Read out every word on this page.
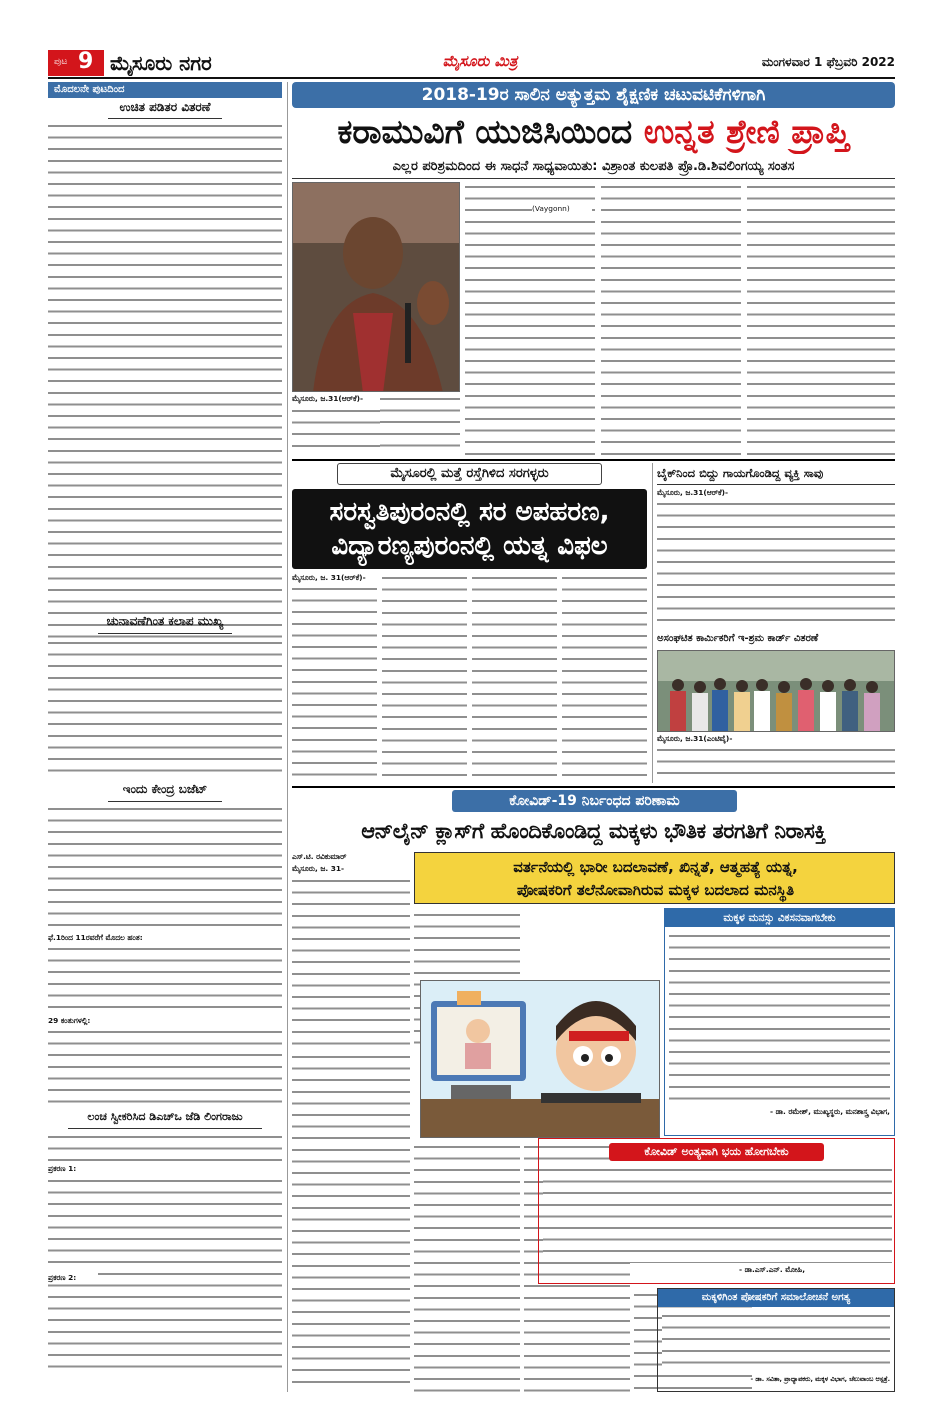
ಪುಟ 9 ಮೈಸೂರು ನಗರ	ಮೈಸೂರು ಮಿತ್ರ	ಮಂಗಳವಾರ 1 ಫೆಬ್ರವರಿ 2022
ಮೊದಲನೇ ಪುಟದಿಂದ
ಉಚಿತ ಪಡಿತರ ವಿತರಣೆ
ಚುನಾವಣೆಗಿಂತ ಕಲಾಪ ಮುಖ್ಯ
ಇಂದು ಕೇಂದ್ರ ಬಜೆಟ್
ಫೆ.1ರಿಂದ 11ರವರೆಗೆ ಮೊದಲ ಹಂತ:
29 ಕಂತುಗಳಲ್ಲಿ:
ಲಂಚ ಸ್ವೀಕರಿಸಿದ ಡಿಎಚ್‌ಒ ಜೆಡಿ ಲಿಂಗರಾಜು
ಪ್ರಕರಣ 1:
ಪ್ರಕರಣ 2:
2018-19ರ ಸಾಲಿನ ಅತ್ಯುತ್ತಮ ಶೈಕ್ಷಣಿಕ ಚಟುವಟಿಕೆಗಳಿಗಾಗಿ
ಕರಾಮುವಿಗೆ ಯುಜಿಸಿಯಿಂದ ಉನ್ನತ ಶ್ರೇಣಿ ಪ್ರಾಪ್ತಿ
ಎಲ್ಲರ ಪರಿಶ್ರಮದಿಂದ ಈ ಸಾಧನೆ ಸಾಧ್ಯವಾಯಿತು: ವಿಶ್ರಾಂತ ಕುಲಪತಿ ಪ್ರೊ.ಡಿ.ಶಿವಲಿಂಗಯ್ಯ ಸಂತಸ
ಮೈಸೂರು, ಜ.31(ಆರ್‌ಕೆ)-
(Vaygonn)
ಮೈಸೂರಲ್ಲಿ ಮತ್ತೆ ರಸ್ತೆಗಿಳಿದ ಸರಗಳ್ಳರು
ಸರಸ್ವತಿಪುರಂನಲ್ಲಿ ಸರ ಅಪಹರಣ,
ವಿದ್ಯಾರಣ್ಯಪುರಂನಲ್ಲಿ ಯತ್ನ ವಿಫಲ
ಮೈಸೂರು, ಜ. 31(ಆರ್‌ಕೆ)-
ಬೈಕ್‌ನಿಂದ ಬಿದ್ದು ಗಾಯಗೊಂಡಿದ್ದ ವ್ಯಕ್ತಿ ಸಾವು
ಮೈಸೂರು, ಜ.31(ಆರ್‌ಕೆ)-
ಅಸಂಘಟಿತ ಕಾರ್ಮಿಕರಿಗೆ ಇ-ಶ್ರಮ ಕಾರ್ಡ್ ವಿತರಣೆ
ಮೈಸೂರು, ಜ.31(ಎಂಟಿವೈ)-
ಕೋವಿಡ್-19 ನಿರ್ಬಂಧದ ಪರಿಣಾಮ
ಆನ್‌ಲೈನ್ ಕ್ಲಾಸ್‌ಗೆ ಹೊಂದಿಕೊಂಡಿದ್ದ ಮಕ್ಕಳು ಭೌತಿಕ ತರಗತಿಗೆ ನಿರಾಸಕ್ತಿ
ಎಸ್.ಟಿ. ರವಿಕುಮಾರ್
ಮೈಸೂರು, ಜ. 31-	ವರ್ತನೆಯಲ್ಲಿ ಭಾರೀ ಬದಲಾವಣೆ, ಖಿನ್ನತೆ, ಆತ್ಮಹತ್ಯೆ ಯತ್ನ,
ಪೋಷಕರಿಗೆ ತಲೆನೋವಾಗಿರುವ ಮಕ್ಕಳ ಬದಲಾದ ಮನಸ್ಥಿತಿ
ಮಕ್ಕಳ ಮನಸ್ಸು ವಿಕಸನವಾಗಬೇಕು
- ಡಾ. ರಮೇಶ್, ಮುಖ್ಯಸ್ಥರು, ಮನಶಾಸ್ತ್ರ ವಿಭಾಗ,
ಕೋವಿಡ್ ಅಂತ್ಯವಾಗಿ ಭಯ ಹೋಗಬೇಕು
- ಡಾ.ಎಸ್.ಎನ್. ಮೋಹಿ,
ಮಕ್ಕಳಿಗಿಂತ ಪೋಷಕರಿಗೆ ಸಮಾಲೋಚನೆ ಅಗತ್ಯ
- ಡಾ. ಸವಿತಾ, ಪ್ರಾಧ್ಯಾಪಕರು, ಮಕ್ಕಳ ವಿಭಾಗ, ಚೆಲುವಾಂಬ ಆಸ್ಪತ್ರೆ.
